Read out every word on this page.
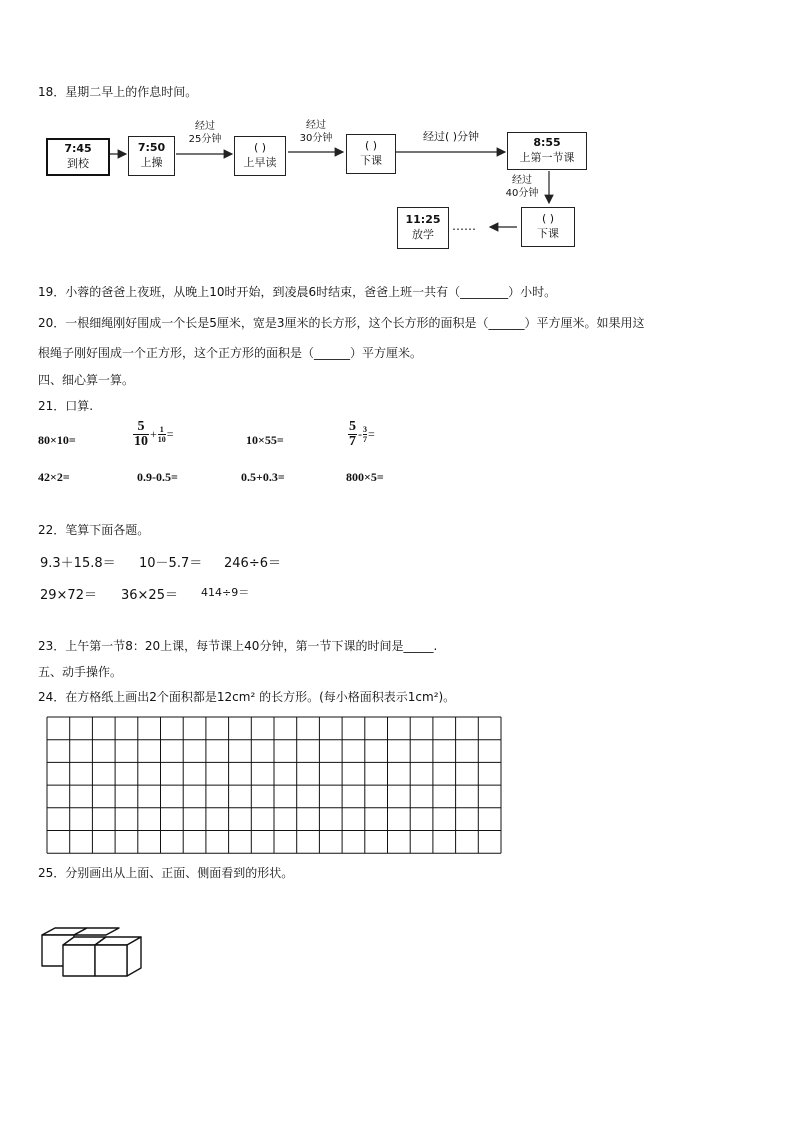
18．星期二早上的作息时间。
7:45
到校
7:50
上操
( )
上早读
( )
下课
8:55
上第一节课
( )
下课
11:25
放学
经过
25分钟
经过
30分钟	经过( )分钟
经过
40分钟
……
19．小蓉的爸爸上夜班，从晚上10时开始，到凌晨6时结束，爸爸上班一共有（________）小时。
20．一根细绳刚好围成一个长是5厘米，宽是3厘米的长方形，这个长方形的面积是（______）平方厘米。如果用这
根绳子刚好围成一个正方形，这个正方形的面积是（______）平方厘米。
四、细心算一算。
21．口算.
80×10=	$\frac{5}{10} + \frac{1}{10}$ =	10×55=	$\frac{5}{7} - \frac{3}{7}$ =
42×2=	0.9-0.5=	0.5+0.3=	800×5=
22．笔算下面各题。
9.3＋15.8＝ 10－5.7＝ 246÷6＝
29×72＝ 36×25＝ 414÷9＝
23．上午第一节8：20上课，每节课上40分钟，第一节下课的时间是_____.
五、动手操作。
24．在方格纸上画出2个面积都是12cm² 的长方形。(每小格面积表示1cm²)。
25．分别画出从上面、正面、侧面看到的形状。
